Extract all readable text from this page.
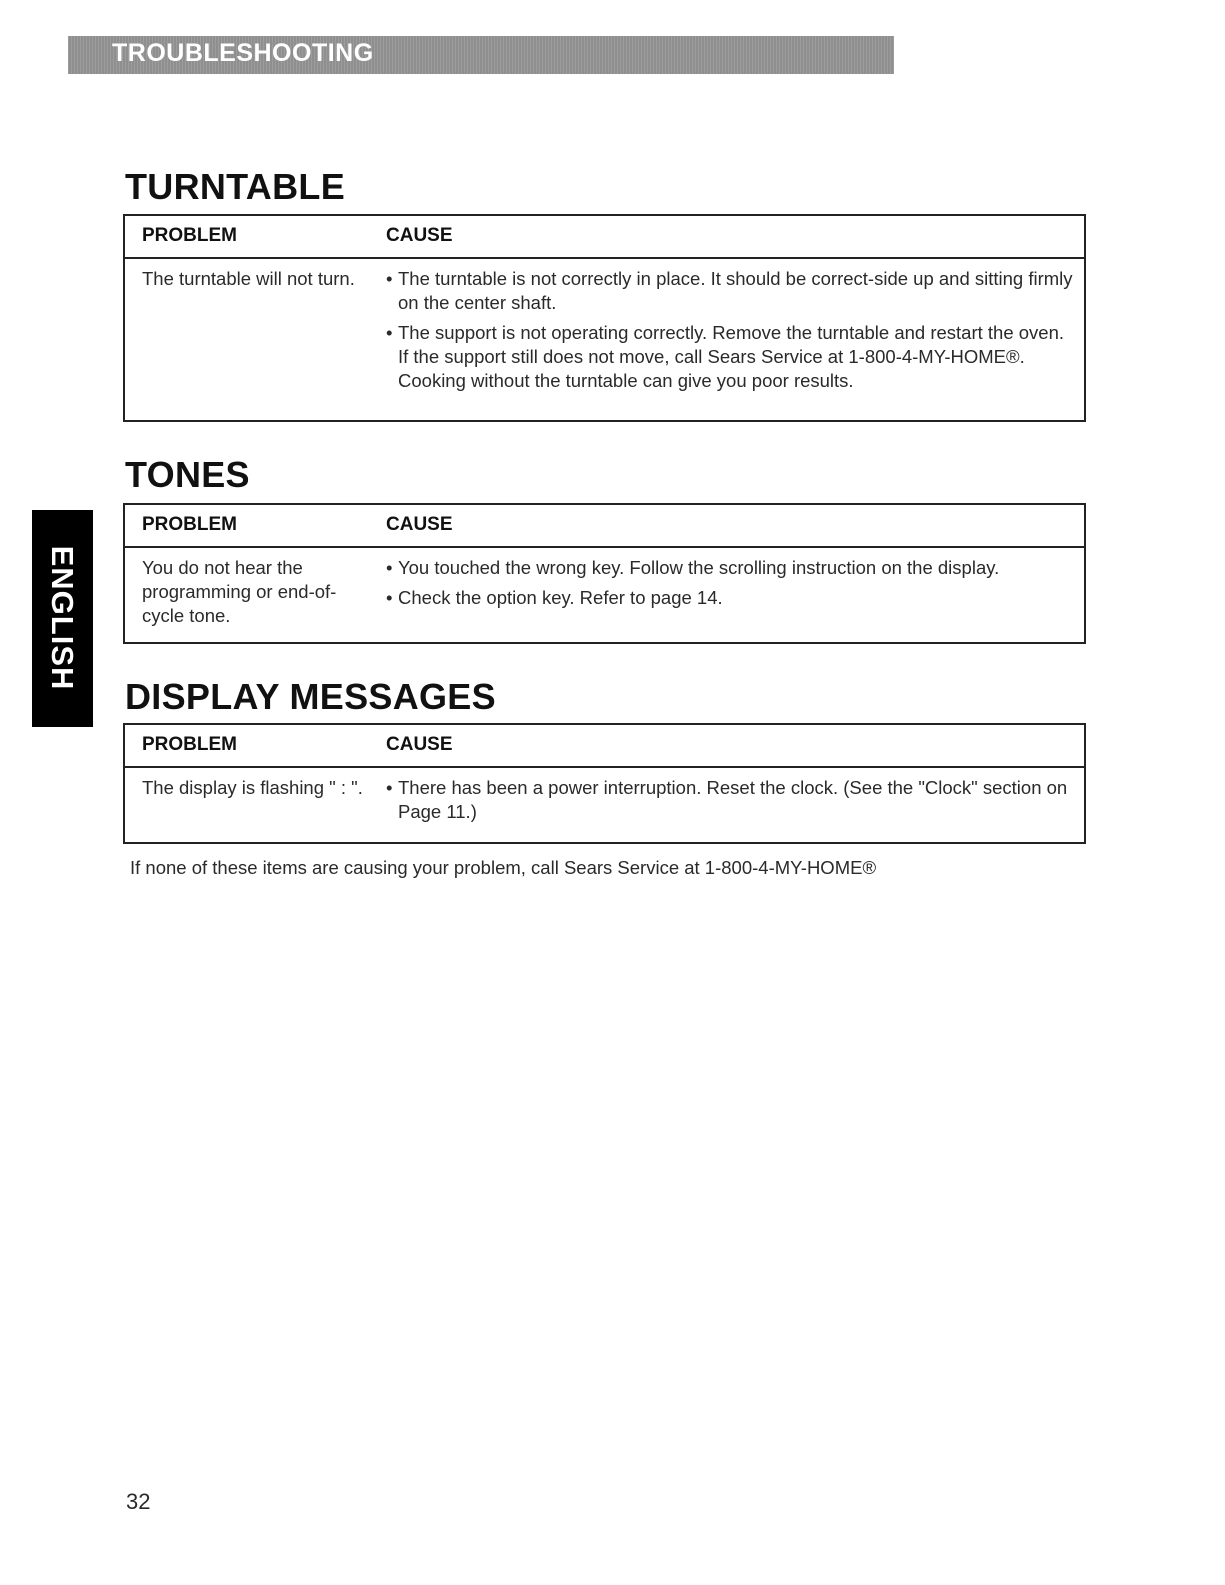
TROUBLESHOOTING
ENGLISH
TURNTABLE
PROBLEM	CAUSE
The turntable will not turn.	• The turntable is not correctly in place. It should be correct-side up and sitting firmly on the center shaft.
• The support is not operating correctly. Remove the turntable and restart the oven. If the support still does not move, call Sears Service at 1-800-4-MY-HOME®. Cooking without the turntable can give you poor results.
TONES
PROBLEM	CAUSE
You do not hear the programming or end-of-cycle tone.
• You touched the wrong key. Follow the scrolling instruction on the display.
• Check the option key. Refer to page 14.
DISPLAY MESSAGES
PROBLEM	CAUSE
The display is flashing " : ". • There has been a power interruption. Reset the clock. (See the "Clock" section on Page 11.)
If none of these items are causing your problem, call Sears Service at 1-800-4-MY-HOME®
32
